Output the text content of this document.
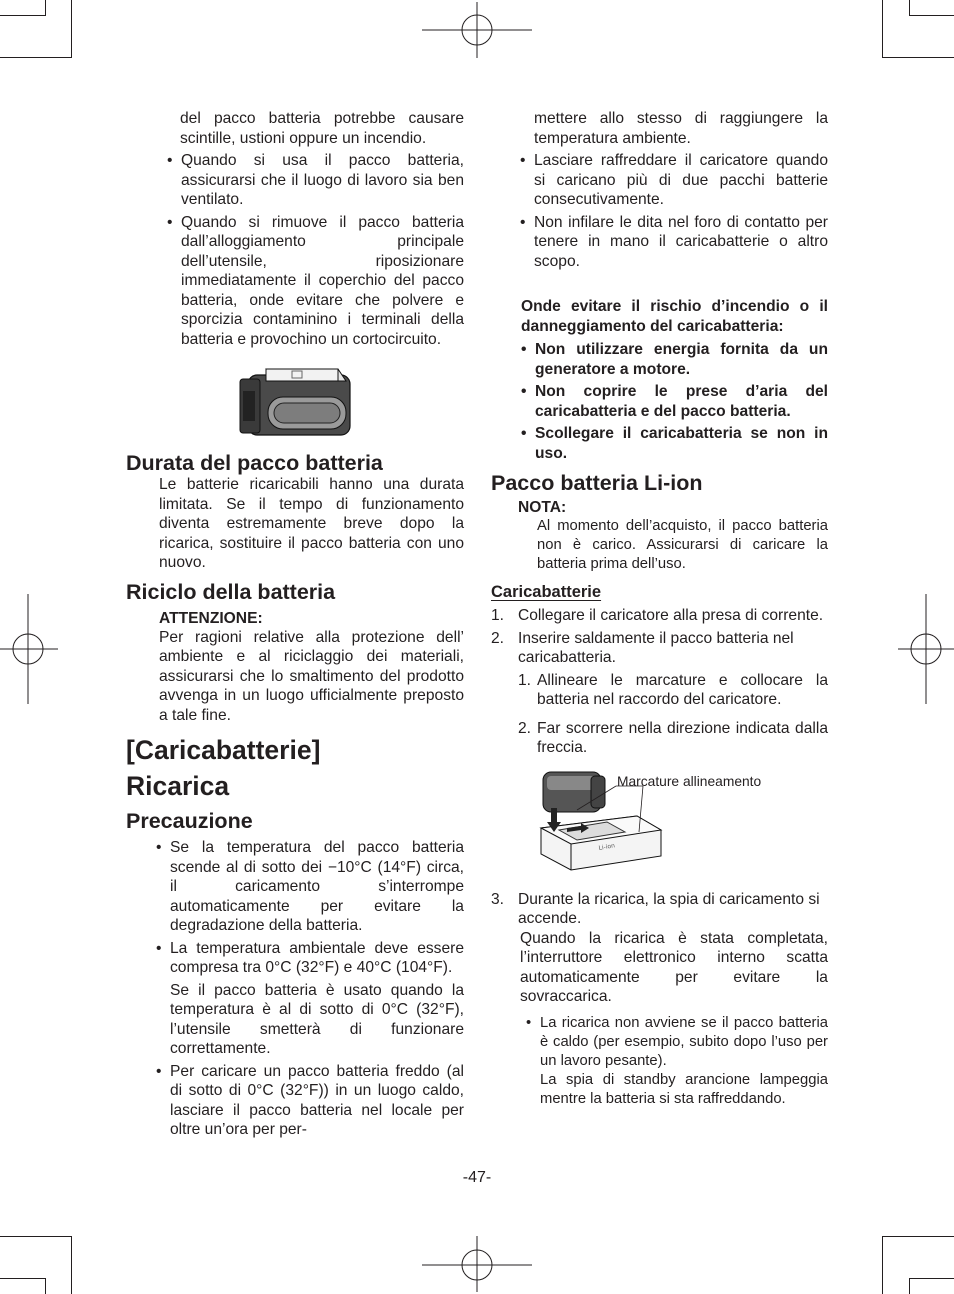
del pacco batteria potrebbe causare scintille, ustioni oppure un incendio.

• Quando si usa il pacco batteria, assicurarsi che il luogo di lavoro sia ben ventilato.

• Quando si rimuove il pacco batteria dall’alloggiamento principale dell’utensile, riposizionare immediatamente il coperchio del pacco batteria, onde evitare che polvere e sporcizia contaminino i terminali della batteria e provochino un cortocircuito.

Durata del pacco batteria

Le batterie ricaricabili hanno una durata limitata. Se il tempo di funzionamento diventa estremamente breve dopo la ricarica, sostituire il pacco batteria con uno nuovo.

Riciclo della batteria

ATTENZIONE:

Per ragioni relative alla protezione dell’ ambiente e al riciclaggio dei materiali, assicurarsi che lo smaltimento del prodotto avvenga in un luogo ufficialmente preposto a tale fine.

[Caricabatterie]

Ricarica

Precauzione

• Se la temperatura del pacco batteria scende al di sotto dei −10°C (14°F) circa, il caricamento s’interrompe automaticamente per evitare la degradazione della batteria.

• La temperatura ambientale deve essere compresa tra 0°C (32°F) e 40°C (104°F).

Se il pacco batteria è usato quando la temperatura è al di sotto di 0°C (32°F), l’utensile smetterà di funzionare correttamente.

• Per caricare un pacco batteria freddo (al di sotto di 0°C (32°F)) in un luogo caldo, lasciare il pacco batteria nel locale per oltre un’ora per per-

mettere allo stesso di raggiungere la temperatura ambiente.

• Lasciare raffreddare il caricatore quando si caricano più di due pacchi batterie consecutivamente.

• Non infilare le dita nel foro di contatto per tenere in mano il caricabatterie o altro scopo.

Onde evitare il rischio d’incendio o il danneggiamento del caricabatteria:

• Non utilizzare energia fornita da un generatore a motore.

• Non coprire le prese d’aria del caricabatteria e del pacco batteria.

• Scollegare il caricabatteria se non in uso.

Pacco batteria Li-ion

NOTA:

Al momento dell’acquisto, il pacco batteria non è carico. Assicurarsi di caricare la batteria prima dell’uso.

Caricabatterie

1. Collegare il caricatore alla presa di corrente.

2. Inserire saldamente il pacco batteria nel caricabatteria.

1. Allineare le marcature e collocare la batteria nel raccordo del caricatore.

2. Far scorrere nella direzione indicata dalla freccia.

Li-ion
Marcature allineamento

3. Durante la ricarica, la spia di caricamento si accende.

Quando la ricarica è stata completata, l’interruttore elettronico interno scatta automaticamente per evitare la sovraccarica.

• La ricarica non avviene se il pacco batteria è caldo (per esempio, subito dopo l’uso per un lavoro pesante).

La spia di standby arancione lampeggia mentre la batteria si sta raffreddando.

-47-
